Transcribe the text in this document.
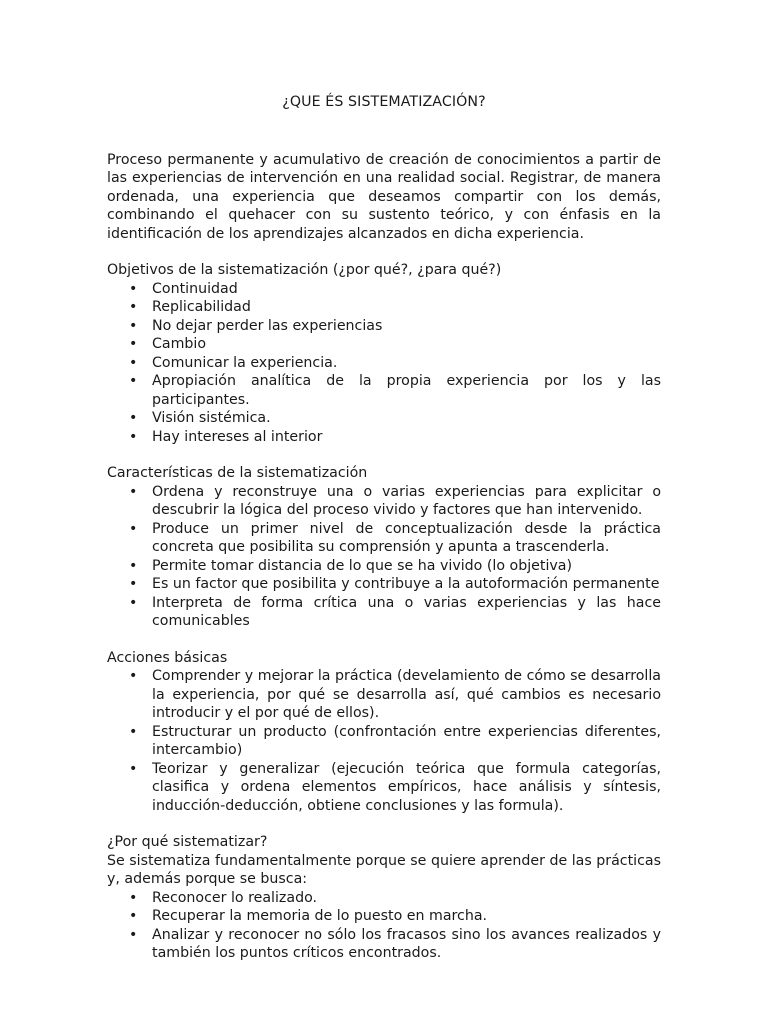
¿QUE ÉS SISTEMATIZACIÓN?

Proceso permanente y acumulativo de creación de conocimientos a partir de las experiencias de intervención en una realidad social. Registrar, de manera ordenada, una experiencia que deseamos compartir con los demás, combinando el quehacer con su sustento teórico, y con énfasis en la identificación de los aprendizajes alcanzados en dicha experiencia.

Objetivos de la sistematización (¿por qué?, ¿para qué?)
• Continuidad
• Replicabilidad
• No dejar perder las experiencias
• Cambio
• Comunicar la experiencia.
• Apropiación analítica de la propia experiencia por los y las participantes.
• Visión sistémica.
• Hay intereses al interior
Características de la sistematización
• Ordena y reconstruye una o varias experiencias para explicitar o descubrir la lógica del proceso vivido y factores que han intervenido.
• Produce un primer nivel de conceptualización desde la práctica concreta que posibilita su comprensión y apunta a trascenderla.
• Permite tomar distancia de lo que se ha vivido (lo objetiva)
• Es un factor que posibilita y contribuye a la autoformación permanente
• Interpreta de forma crítica una o varias experiencias y las hace comunicables
Acciones básicas
• Comprender y mejorar la práctica (develamiento de cómo se desarrolla la experiencia, por qué se desarrolla así, qué cambios es necesario introducir y el por qué de ellos).
• Estructurar un producto (confrontación entre experiencias diferentes, intercambio)
• Teorizar y generalizar (ejecución teórica que formula categorías, clasifica y ordena elementos empíricos, hace análisis y síntesis, inducción-deducción, obtiene conclusiones y las formula).
¿Por qué sistematizar?

Se sistematiza fundamentalmente porque se quiere aprender de las prácticas y, además porque se busca:

• Reconocer lo realizado.
• Recuperar la memoria de lo puesto en marcha.
• Analizar y reconocer no sólo los fracasos sino los avances realizados y también los puntos críticos encontrados.
